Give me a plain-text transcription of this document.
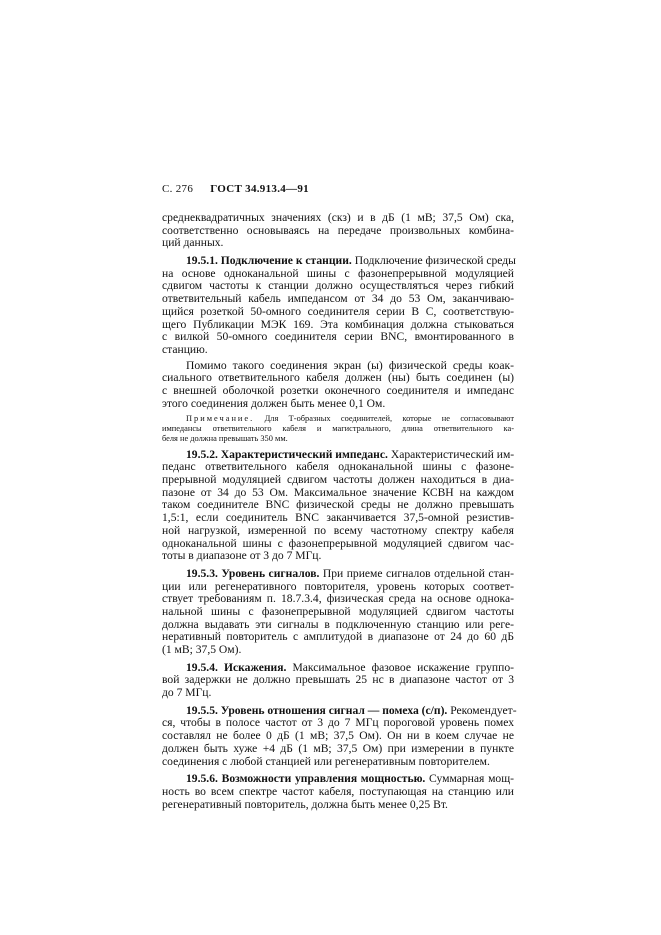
С. 276 ГОСТ 34.913.4—91
среднеквадратичных значениях (скз) и в дБ (1 мВ; 37,5 Ом) ска,
соответственно основываясь на передаче произвольных комбина-
ций данных.
19.5.1. Подключение к станции. Подключение физической среды
на основе одноканальной шины с фазонепрерывной модуляцией
сдвигом частоты к станции должно осуществляться через гибкий
ответвительный кабель импедансом от 34 до 53 Ом, заканчиваю-
щийся розеткой 50-омного соединителя серии В С, соответствую-
щего Публикации МЭК 169. Эта комбинация должна стыковаться
с вилкой 50-омного соединителя серии BNC, вмонтированного в
станцию.
Помимо такого соединения экран (ы) физической среды коак-
сиального ответвительного кабеля должен (ны) быть соединен (ы)
с внешней оболочкой розетки оконечного соединителя и импеданс
этого соединения должен быть менее 0,1 Ом.
Примечание. Для Т-образных соединителей, которые не согласовывают
импедансы ответвительного кабеля и магистрального, длина ответвительного ка-
беля не должна превышать 350 мм.
19.5.2. Характеристический импеданс. Характеристический им-
педанс ответвительного кабеля одноканальной шины с фазоне-
прерывной модуляцией сдвигом частоты должен находиться в диа-
пазоне от 34 до 53 Ом. Максимальное значение КСВН на каждом
таком соединителе BNC физической среды не должно превышать
1,5:1, если соединитель BNC заканчивается 37,5-омной резистив-
ной нагрузкой, измеренной по всему частотному спектру кабеля
одноканальной шины с фазонепрерывной модуляцией сдвигом час-
тоты в диапазоне от 3 до 7 МГц.
19.5.3. Уровень сигналов. При приеме сигналов отдельной стан-
ции или регенеративного повторителя, уровень которых соответ-
ствует требованиям п. 18.7.3.4, физическая среда на основе однока-
нальной шины с фазонепрерывной модуляцией сдвигом частоты
должна выдавать эти сигналы в подключенную станцию или реге-
неративный повторитель с амплитудой в диапазоне от 24 до 60 дБ
(1 мВ; 37,5 Ом).
19.5.4. Искажения. Максимальное фазовое искажение группо-
вой задержки не должно превышать 25 нс в диапазоне частот от 3
до 7 МГц.
19.5.5. Уровень отношения сигнал — помеха (с/п). Рекомендует-
ся, чтобы в полосе частот от 3 до 7 МГц пороговой уровень помех
составлял не более 0 дБ (1 мВ; 37,5 Ом). Он ни в коем случае не
должен быть хуже +4 дБ (1 мВ; 37,5 Ом) при измерении в пункте
соединения с любой станцией или регенеративным повторителем.
19.5.6. Возможности управления мощностью. Суммарная мощ-
ность во всем спектре частот кабеля, поступающая на станцию или
регенеративный повторитель, должна быть менее 0,25 Вт.
